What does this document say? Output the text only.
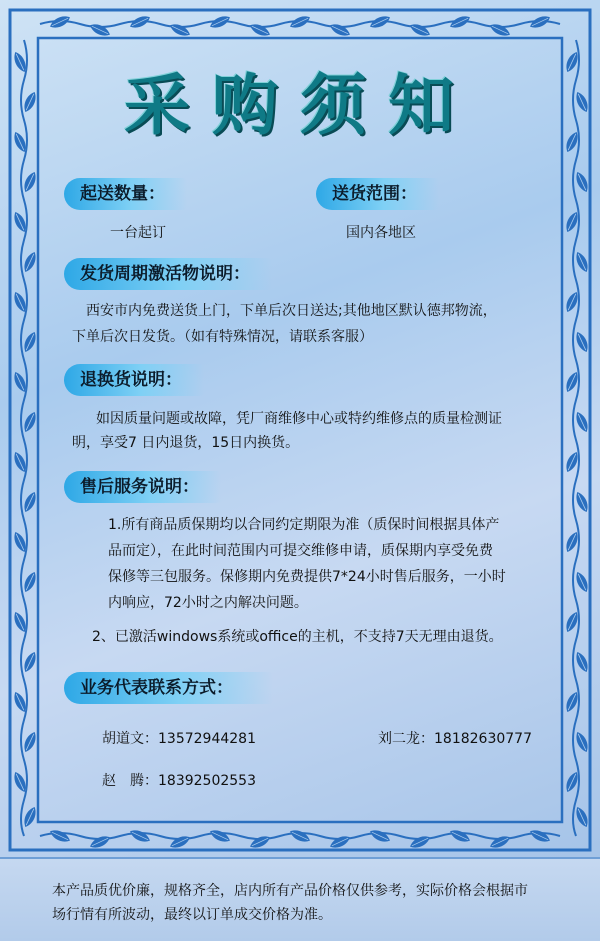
采购须知
起送数量：	送货范围：
一台起订	国内各地区
发货周期激活物说明：
西安市内免费送货上门，下单后次日送达;其他地区默认德邦物流，
下单后次日发货。（如有特殊情况，请联系客服）
退换货说明：
如因质量问题或故障，凭厂商维修中心或特约维修点的质量检测证
明，享受7 日内退货，15日内换货。
售后服务说明：
1.所有商品质保期均以合同约定期限为准（质保时间根据具体产
品而定），在此时间范围内可提交维修申请，质保期内享受免费
保修等三包服务。保修期内免费提供7*24小时售后服务，一小时
内响应，72小时之内解决问题。
2、已激活windows系统或office的主机，不支持7天无理由退货。
业务代表联系方式：
胡道文：13572944281	刘二龙：18182630777
赵　腾：18392502553
本产品质优价廉，规格齐全，店内所有产品价格仅供参考，实际价格会根据市
场行情有所波动，最终以订单成交价格为准。
